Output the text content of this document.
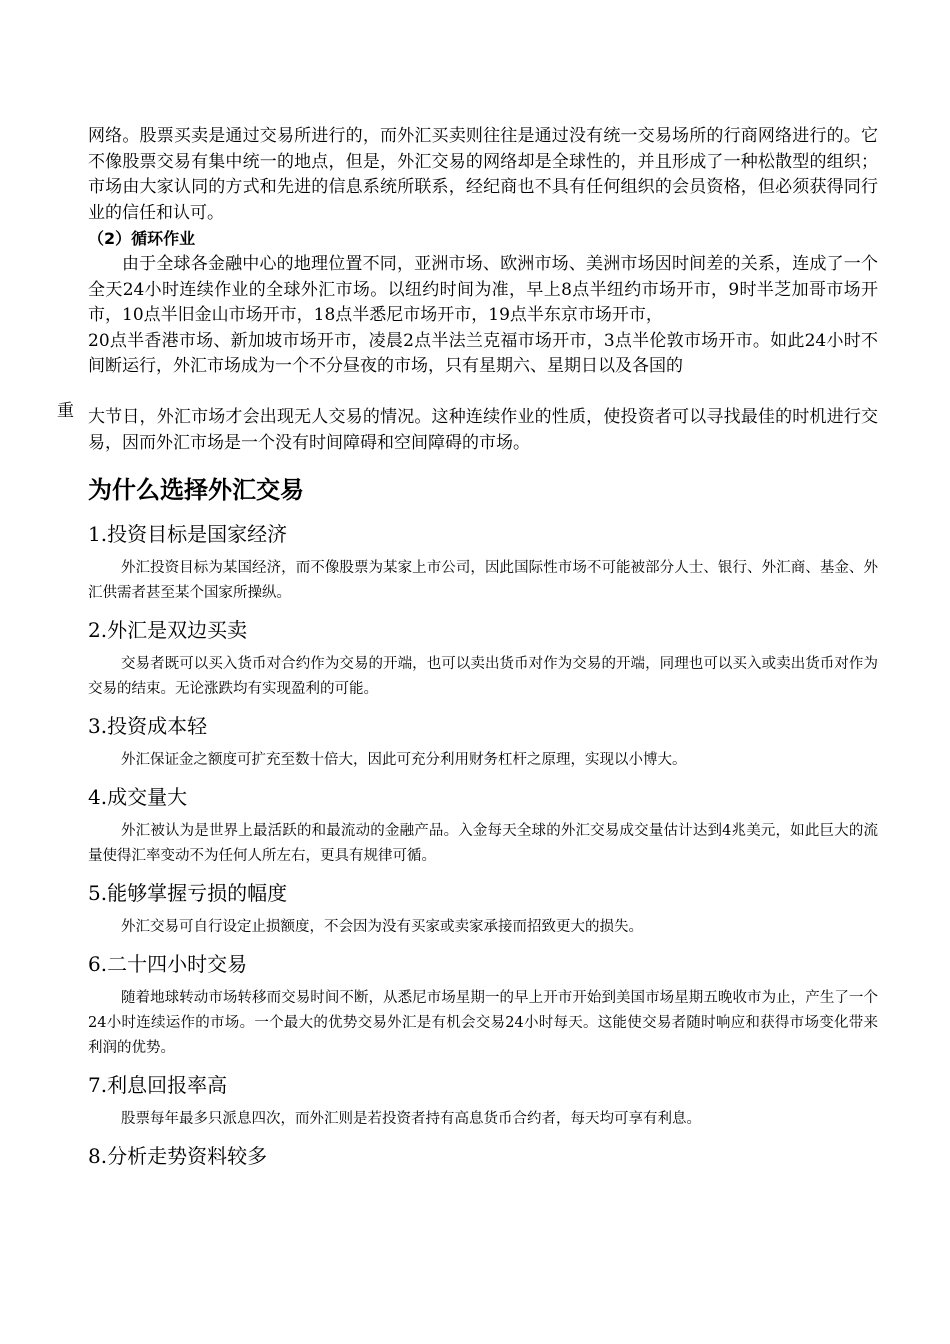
重

网络。股票买卖是通过交易所进行的，而外汇买卖则往往是通过没有统一交易场所的行商网络进行的。它不像股票交易有集中统一的地点，但是，外汇交易的网络却是全球性的，并且形成了一种松散型的组织；市场由大家认同的方式和先进的信息系统所联系，经纪商也不具有任何组织的会员资格，但必须获得同行业的信任和认可。

（2）循环作业

由于全球各金融中心的地理位置不同，亚洲市场、欧洲市场、美洲市场因时间差的关系，连成了一个全天24小时连续作业的全球外汇市场。以纽约时间为准，早上8点半纽约市场开市，9时半芝加哥市场开市，10点半旧金山市场开市，18点半悉尼市场开市，19点半东京市场开市，

20点半香港市场、新加坡市场开市，凌晨2点半法兰克福市场开市，3点半伦敦市场开市。如此24小时不间断运行，外汇市场成为一个不分昼夜的市场，只有星期六、星期日以及各国的

大节日，外汇市场才会出现无人交易的情况。这种连续作业的性质，使投资者可以寻找最佳的时机进行交易，因而外汇市场是一个没有时间障碍和空间障碍的市场。

为什么选择外汇交易
1.投资目标是国家经济

外汇投资目标为某国经济，而不像股票为某家上市公司，因此国际性市场不可能被部分人士、银行、外汇商、基金、外汇供需者甚至某个国家所操纵。

2.外汇是双边买卖

交易者既可以买入货币对合约作为交易的开端，也可以卖出货币对作为交易的开端，同理也可以买入或卖出货币对作为交易的结束。无论涨跌均有实现盈利的可能。

3.投资成本轻

外汇保证金之额度可扩充至数十倍大，因此可充分利用财务杠杆之原理，实现以小博大。

4.成交量大

外汇被认为是世界上最活跃的和最流动的金融产品。入金每天全球的外汇交易成交量估计达到4兆美元，如此巨大的流量使得汇率变动不为任何人所左右，更具有规律可循。

5.能够掌握亏损的幅度

外汇交易可自行设定止损额度，不会因为没有买家或卖家承接而招致更大的损失。

6.二十四小时交易

随着地球转动市场转移而交易时间不断，从悉尼市场星期一的早上开市开始到美国市场星期五晚收市为止，产生了一个24小时连续运作的市场。一个最大的优势交易外汇是有机会交易24小时每天。这能使交易者随时响应和获得市场变化带来利润的优势。

7.利息回报率高

股票每年最多只派息四次，而外汇则是若投资者持有高息货币合约者，每天均可享有利息。

8.分析走势资料较多
